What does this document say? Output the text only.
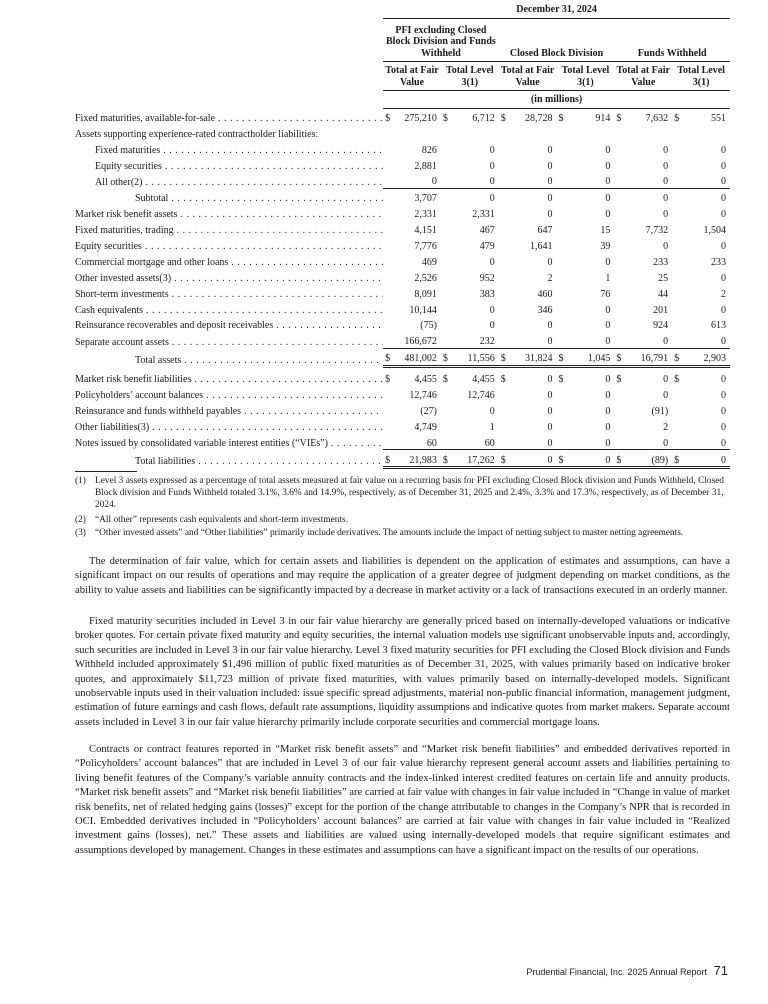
	December 31, 2024					
	PFI excluding Closed Block Division and Funds Withheld		Closed Block Division		Funds Withheld	
	Total at Fair Value	Total Level 3(1)	Total at Fair Value	Total Level 3(1)	Total at Fair Value	Total Level 3(1)
	(in millions)					
Fixed maturities, available-for-sale . . .	$ 275,210	$ 6,712	$ 28,728	$ 914	$ 7,632	$ 551
Assets supporting experience-rated contractholder liabilities:						
Fixed maturities . . .	826	0	0	0	0	0
Equity securities . . .	2,881	0	0	0	0	0
All other(2) . . .	0	0	0	0	0	0
Subtotal . . .	3,707	0	0	0	0	0
Market risk benefit assets . . .	2,331	2,331	0	0	0	0
Fixed maturities, trading . . .	4,151	467	647	15	7,732	1,504
Equity securities . . .	7,776	479	1,641	39	0	0
Commercial mortgage and other loans . . .	469	0	0	0	233	233
Other invested assets(3) . . .	2,526	952	2	1	25	0
Short-term investments . . .	8,091	383	460	76	44	2
Cash equivalents . . .	10,144	0	346	0	201	0
Reinsurance recoverables and deposit receivables . . .	(75)	0	0	0	924	613
Separate account assets . . .	166,672	232	0	0	0	0
Total assets . . .	$ 481,002	$ 11,556	$ 31,824	$ 1,045	$ 16,791	$ 2,903
Market risk benefit liabilities . . .	$ 4,455	$ 4,455	$ 0	$ 0	$ 0	$ 0
Policyholders’ account balances . . .	12,746	12,746	0	0	0	0
Reinsurance and funds withheld payables . . .	(27)	0	0	0	(91)	0
Other liabilities(3) . . .	4,749	1	0	0	2	0
Notes issued by consolidated variable interest entities (“VIEs”) . . .	60	60	0	0	0	0
Total liabilities . . .	$ 21,983	$ 17,262	$ 0	$ 0	$ (89)	$ 0
(1) Level 3 assets expressed as a percentage of total assets measured at fair value on a recurring basis for PFI excluding Closed Block division and Funds Withheld, Closed Block division and Funds Withheld totaled 3.1%, 3.6% and 14.9%, respectively, as of December 31, 2025 and 2.4%, 3.3% and 17.3%, respectively, as of December 31, 2024.
(2) “All other” represents cash equivalents and short-term investments.
(3) “Other invested assets” and “Other liabilities” primarily include derivatives. The amounts include the impact of netting subject to master netting agreements.

The determination of fair value, which for certain assets and liabilities is dependent on the application of estimates and assumptions, can have a significant impact on our results of operations and may require the application of a greater degree of judgment depending on market conditions, as the ability to value assets and liabilities can be significantly impacted by a decrease in market activity or a lack of transactions executed in an orderly manner.

Fixed maturity securities included in Level 3 in our fair value hierarchy are generally priced based on internally-developed valuations or indicative broker quotes. For certain private fixed maturity and equity securities, the internal valuation models use significant unobservable inputs and, accordingly, such securities are included in Level 3 in our fair value hierarchy. Level 3 fixed maturity securities for PFI excluding the Closed Block division and Funds Withheld included approximately $1,496 million of public fixed maturities as of December 31, 2025, with values primarily based on indicative broker quotes, and approximately $11,723 million of private fixed maturities, with values primarily based on internally-developed models. Significant unobservable inputs used in their valuation included: issue specific spread adjustments, material non-public financial information, management judgment, estimation of future earnings and cash flows, default rate assumptions, liquidity assumptions and indicative quotes from market makers. Separate account assets included in Level 3 in our fair value hierarchy primarily include corporate securities and commercial mortgage loans.

Contracts or contract features reported in “Market risk benefit assets” and “Market risk benefit liabilities” and embedded derivatives reported in “Policyholders’ account balances” that are included in Level 3 of our fair value hierarchy represent general account assets and liabilities pertaining to living benefit features of the Company’s variable annuity contracts and the index-linked interest credited features on certain life and annuity products. “Market risk benefit assets” and “Market risk benefit liabilities” are carried at fair value with changes in fair value included in “Change in value of market risk benefits, net of related hedging gains (losses)” except for the portion of the change attributable to changes in the Company’s NPR that is recorded in OCI. Embedded derivatives included in “Policyholders’ account balances” are carried at fair value with changes in fair value included in “Realized investment gains (losses), net.” These assets and liabilities are valued using internally-developed models that require significant estimates and assumptions developed by management. Changes in these estimates and assumptions can have a significant impact on the results of our operations.

Prudential Financial, Inc. 2025 Annual Report 71
